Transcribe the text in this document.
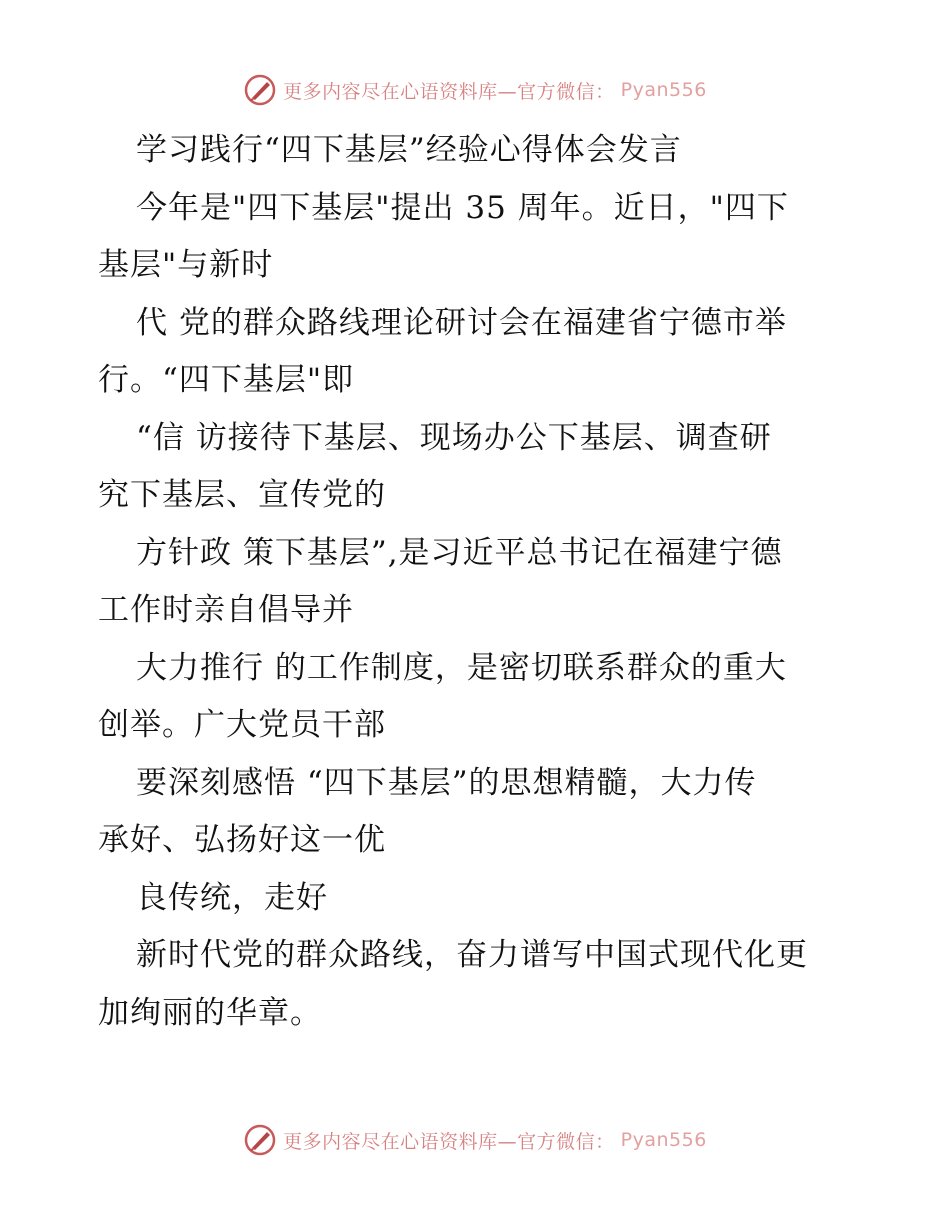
更多内容尽在心语资料库—官方微信： Pyan556
学习践行“四下基层”经验心得体会发言
今年是"四下基层"提出 35 周年。近日，"四下
基层"与新时
代 党的群众路线理论研讨会在福建省宁德市举
行。“四下基层"即
“信 访接待下基层、现场办公下基层、调查研
究下基层、宣传党的
方针政 策下基层”,是习近平总书记在福建宁德
工作时亲自倡导并
大力推行 的工作制度，是密切联系群众的重大
创举。广大党员干部
要深刻感悟 “四下基层”的思想精髓，大力传
承好、弘扬好这一优
良传统，走好
新时代党的群众路线，奋力谱写中国式现代化更
加绚丽的华章。
更多内容尽在心语资料库—官方微信： Pyan556
